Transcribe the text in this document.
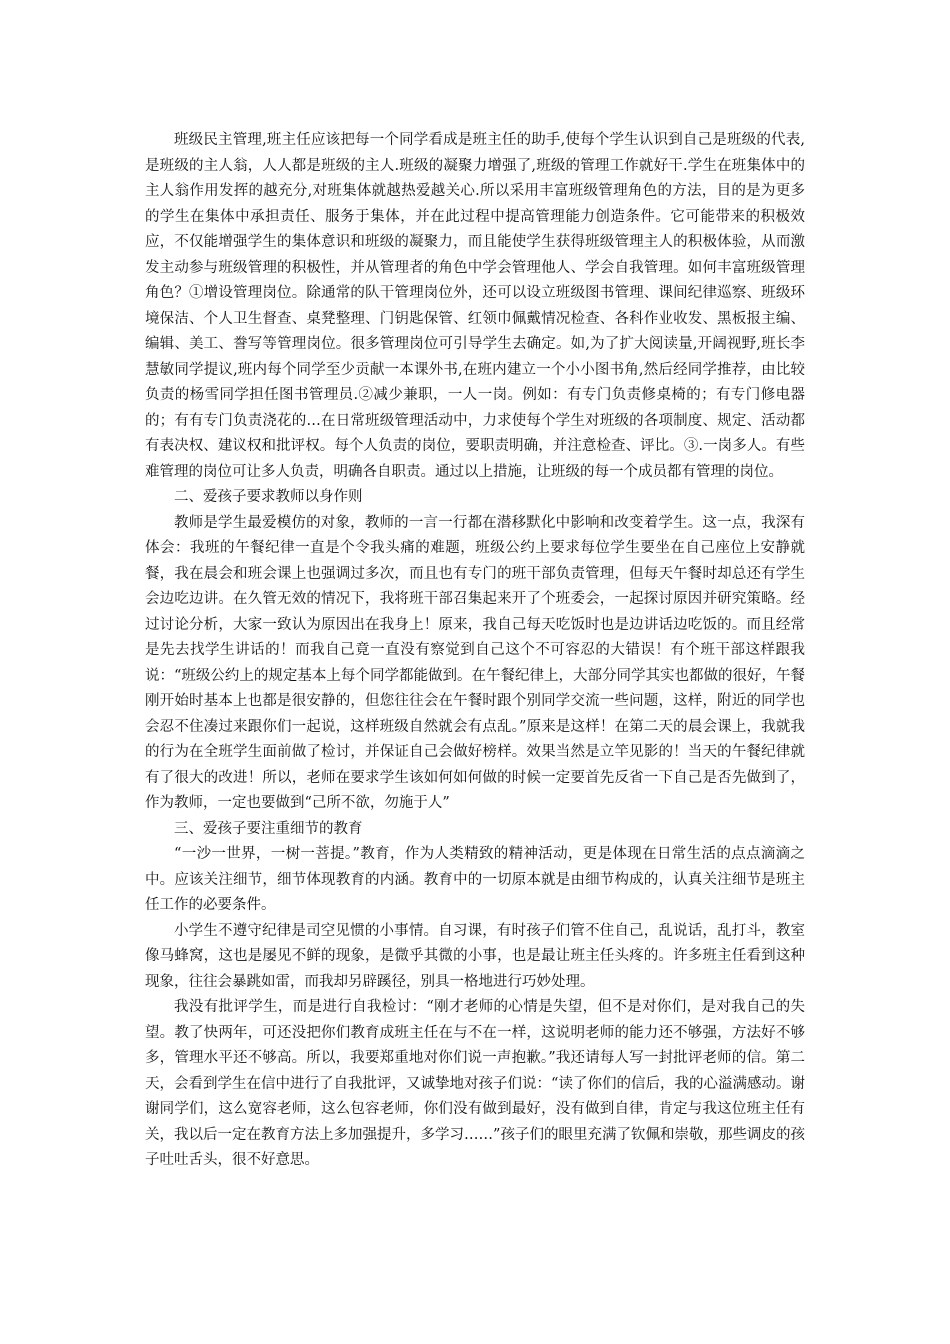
班级民主管理,班主任应该把每一个同学看成是班主任的助手,使每个学生认识到自己是班级的代表,是班级的主人翁，人人都是班级的主人.班级的凝聚力增强了,班级的管理工作就好干.学生在班集体中的主人翁作用发挥的越充分,对班集体就越热爱越关心.所以采用丰富班级管理角色的方法，目的是为更多的学生在集体中承担责任、服务于集体，并在此过程中提高管理能力创造条件。它可能带来的积极效应，不仅能增强学生的集体意识和班级的凝聚力，而且能使学生获得班级管理主人的积极体验，从而激发主动参与班级管理的积极性，并从管理者的角色中学会管理他人、学会自我管理。如何丰富班级管理角色？①增设管理岗位。除通常的队干管理岗位外，还可以设立班级图书管理、课间纪律巡察、班级环境保洁、个人卫生督查、桌凳整理、门钥匙保管、红领巾佩戴情况检查、各科作业收发、黑板报主编、编辑、美工、誊写等管理岗位。很多管理岗位可引导学生去确定。如,为了扩大阅读量,开阔视野,班长李慧敏同学提议,班内每个同学至少贡献一本课外书,在班内建立一个小小图书角,然后经同学推荐，由比较负责的杨雪同学担任图书管理员.②减少兼职，一人一岗。例如：有专门负责修桌椅的；有专门修电器的；有有专门负责浇花的…在日常班级管理活动中，力求使每个学生对班级的各项制度、规定、活动都有表决权、建议权和批评权。每个人负责的岗位，要职责明确，并注意检查、评比。③.一岗多人。有些难管理的岗位可让多人负责，明确各自职责。通过以上措施，让班级的每一个成员都有管理的岗位。

二、爱孩子要求教师以身作则

教师是学生最爱模仿的对象，教师的一言一行都在潜移默化中影响和改变着学生。这一点，我深有体会：我班的午餐纪律一直是个令我头痛的难题，班级公约上要求每位学生要坐在自己座位上安静就餐，我在晨会和班会课上也强调过多次，而且也有专门的班干部负责管理，但每天午餐时却总还有学生会边吃边讲。在久管无效的情况下，我将班干部召集起来开了个班委会，一起探讨原因并研究策略。经过讨论分析，大家一致认为原因出在我身上！原来，我自己每天吃饭时也是边讲话边吃饭的。而且经常是先去找学生讲话的！而我自己竟一直没有察觉到自己这个不可容忍的大错误！有个班干部这样跟我说：“班级公约上的规定基本上每个同学都能做到。在午餐纪律上，大部分同学其实也都做的很好，午餐刚开始时基本上也都是很安静的，但您往往会在午餐时跟个别同学交流一些问题，这样，附近的同学也会忍不住凑过来跟你们一起说，这样班级自然就会有点乱。”原来是这样！在第二天的晨会课上，我就我的行为在全班学生面前做了检讨，并保证自己会做好榜样。效果当然是立竿见影的！当天的午餐纪律就有了很大的改进！所以，老师在要求学生该如何如何做的时候一定要首先反省一下自己是否先做到了，作为教师，一定也要做到“己所不欲，勿施于人”

三、爱孩子要注重细节的教育

“一沙一世界，一树一菩提。”教育，作为人类精致的精神活动，更是体现在日常生活的点点滴滴之中。应该关注细节，细节体现教育的内涵。教育中的一切原本就是由细节构成的，认真关注细节是班主任工作的必要条件。

小学生不遵守纪律是司空见惯的小事情。自习课，有时孩子们管不住自己，乱说话，乱打斗，教室像马蜂窝，这也是屡见不鲜的现象，是微乎其微的小事，也是最让班主任头疼的。许多班主任看到这种现象，往往会暴跳如雷，而我却另辟蹊径，别具一格地进行巧妙处理。

我没有批评学生，而是进行自我检讨：“刚才老师的心情是失望，但不是对你们，是对我自己的失望。教了快两年，可还没把你们教育成班主任在与不在一样，这说明老师的能力还不够强，方法好不够多，管理水平还不够高。所以，我要郑重地对你们说一声抱歉。”我还请每人写一封批评老师的信。第二天，会看到学生在信中进行了自我批评，又诚挚地对孩子们说：“读了你们的信后，我的心溢满感动。谢谢同学们，这么宽容老师，这么包容老师，你们没有做到最好，没有做到自律，肯定与我这位班主任有关，我以后一定在教育方法上多加强提升，多学习……”孩子们的眼里充满了钦佩和崇敬，那些调皮的孩子吐吐舌头，很不好意思。
